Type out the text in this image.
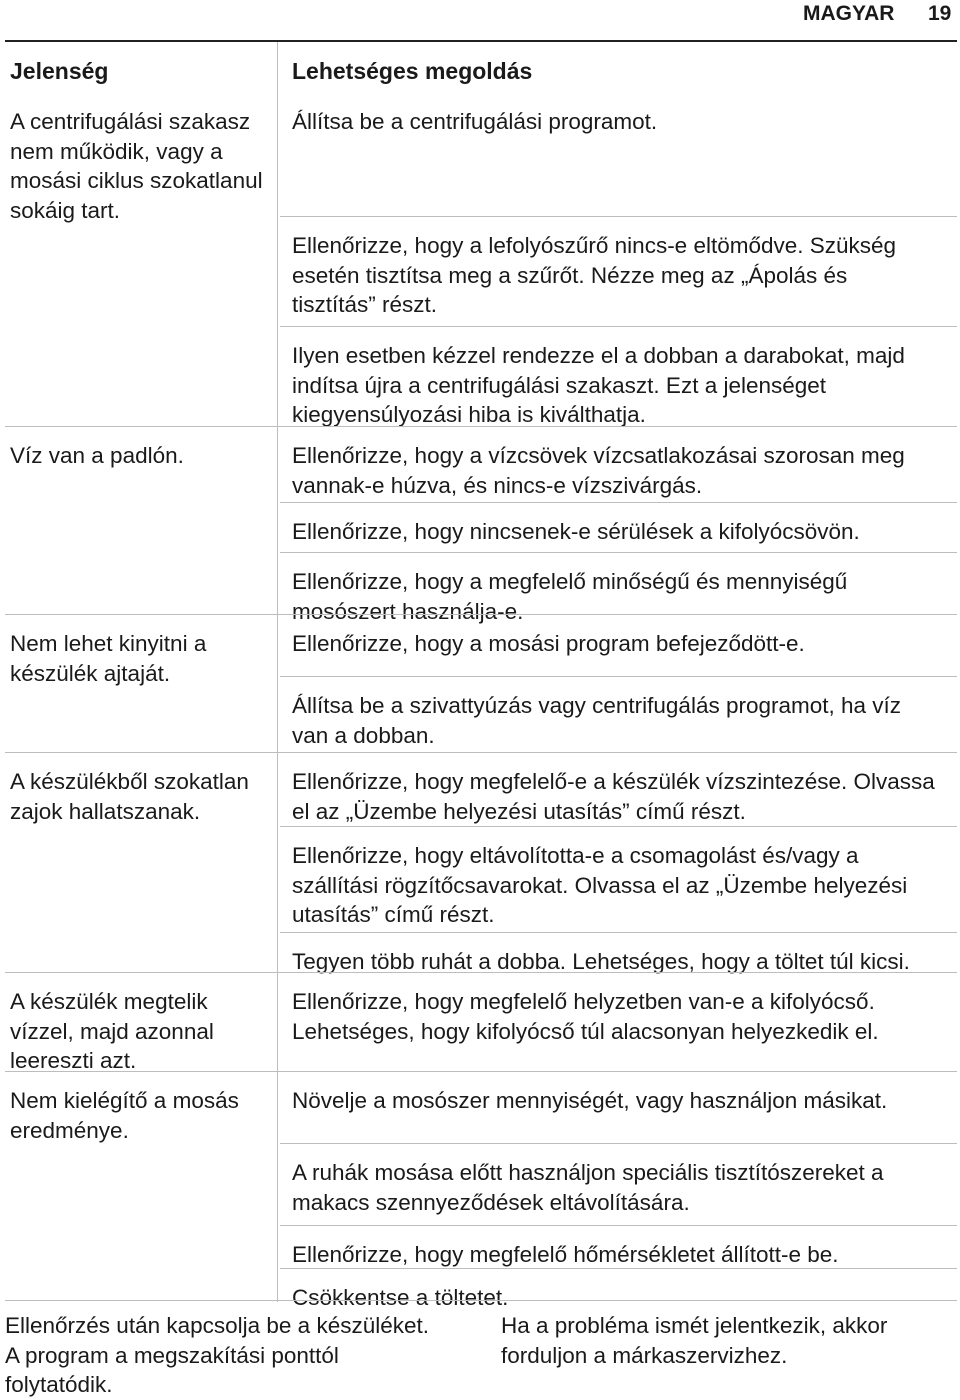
MAGYAR 19
Jelenség	Lehetséges megoldás
A centrifugálási szakasz nem működik, vagy a mosási ciklus szokatlanul sokáig tart.
Állítsa be a centrifugálási programot.
Ellenőrizze, hogy a lefolyószűrő nincs-e eltömődve. Szükség esetén tisztítsa meg a szűrőt. Nézze meg az „Ápolás és tisztítás” részt.
Ilyen esetben kézzel rendezze el a dobban a darabokat, majd indítsa újra a centrifugálási szakaszt. Ezt a jelenséget kiegyensúlyozási hiba is kiválthatja.
Víz van a padlón.	Ellenőrizze, hogy a vízcsövek vízcsatlakozásai szorosan meg vannak-e húzva, és nincs-e vízszivárgás.
Ellenőrizze, hogy nincsenek-e sérülések a kifolyócsövön.
Ellenőrizze, hogy a megfelelő minőségű és mennyiségű mosószert használja-e.
Nem lehet kinyitni a készülék ajtaját.
Ellenőrizze, hogy a mosási program befejeződött-e.
Állítsa be a szivattyúzás vagy centrifugálás programot, ha víz van a dobban.
A készülékből szokatlan zajok hallatszanak.
Ellenőrizze, hogy megfelelő-e a készülék vízszintezése. Olvassa el az „Üzembe helyezési utasítás” című részt.
Ellenőrizze, hogy eltávolította-e a csomagolást és/vagy a szállítási rögzítőcsavarokat. Olvassa el az „Üzembe helyezési utasítás” című részt.
Tegyen több ruhát a dobba. Lehetséges, hogy a töltet túl kicsi.
A készülék megtelik vízzel, majd azonnal leereszti azt.
Ellenőrizze, hogy megfelelő helyzetben van-e a kifolyócső. Lehetséges, hogy kifolyócső túl alacsonyan helyezkedik el.
Nem kielégítő a mosás eredménye.
Növelje a mosószer mennyiségét, vagy használjon másikat.
A ruhák mosása előtt használjon speciális tisztítószereket a makacs szennyeződések eltávolítására.
Ellenőrizze, hogy megfelelő hőmérsékletet állított-e be.
Csökkentse a töltetet.
Ellenőrzés után kapcsolja be a készüléket. A program a megszakítási ponttól folytatódik.
Ha a probléma ismét jelentkezik, akkor forduljon a márkaszervizhez.
